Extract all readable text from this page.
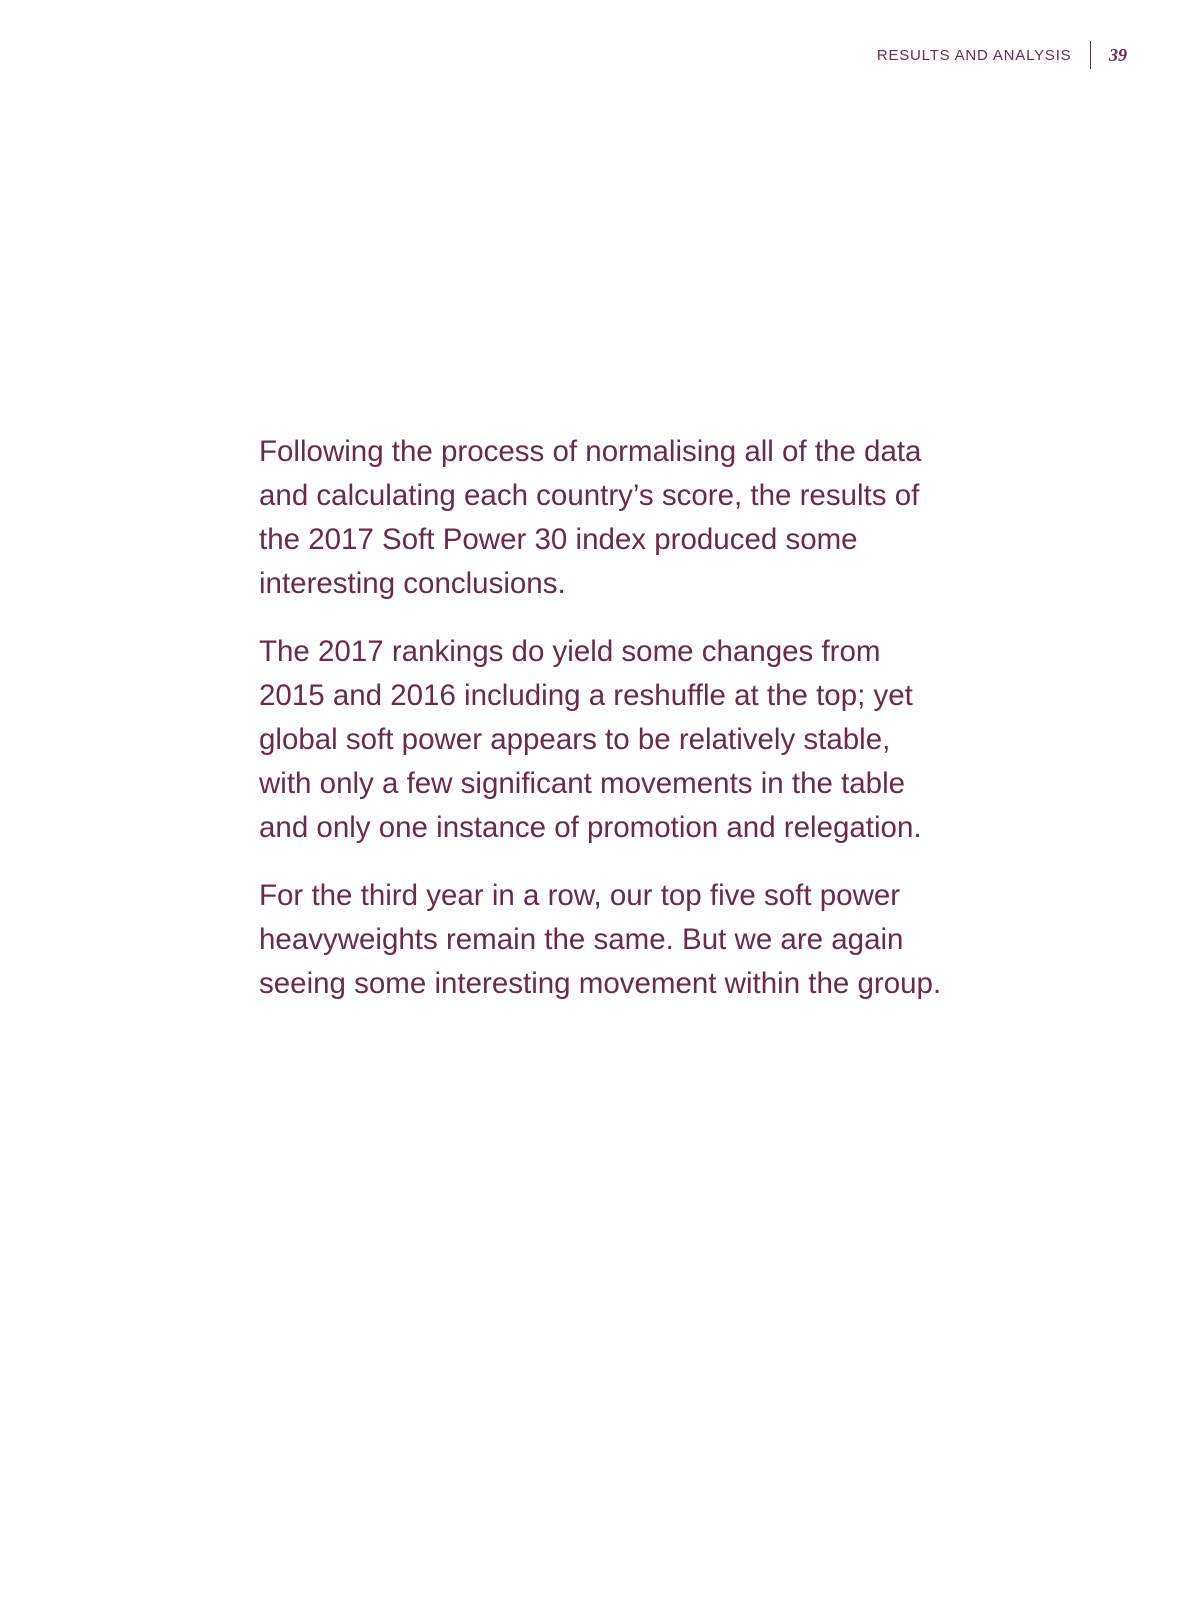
RESULTS AND ANALYSIS 39

Following the process of normalising all of the data and calculating each country’s score, the results of the 2017 Soft Power 30 index produced some interesting conclusions.

The 2017 rankings do yield some changes from 2015 and 2016 including a reshuffle at the top; yet global soft power appears to be relatively stable, with only a few significant movements in the table and only one instance of promotion and relegation.

For the third year in a row, our top five soft power heavyweights remain the same. But we are again seeing some interesting movement within the group.
